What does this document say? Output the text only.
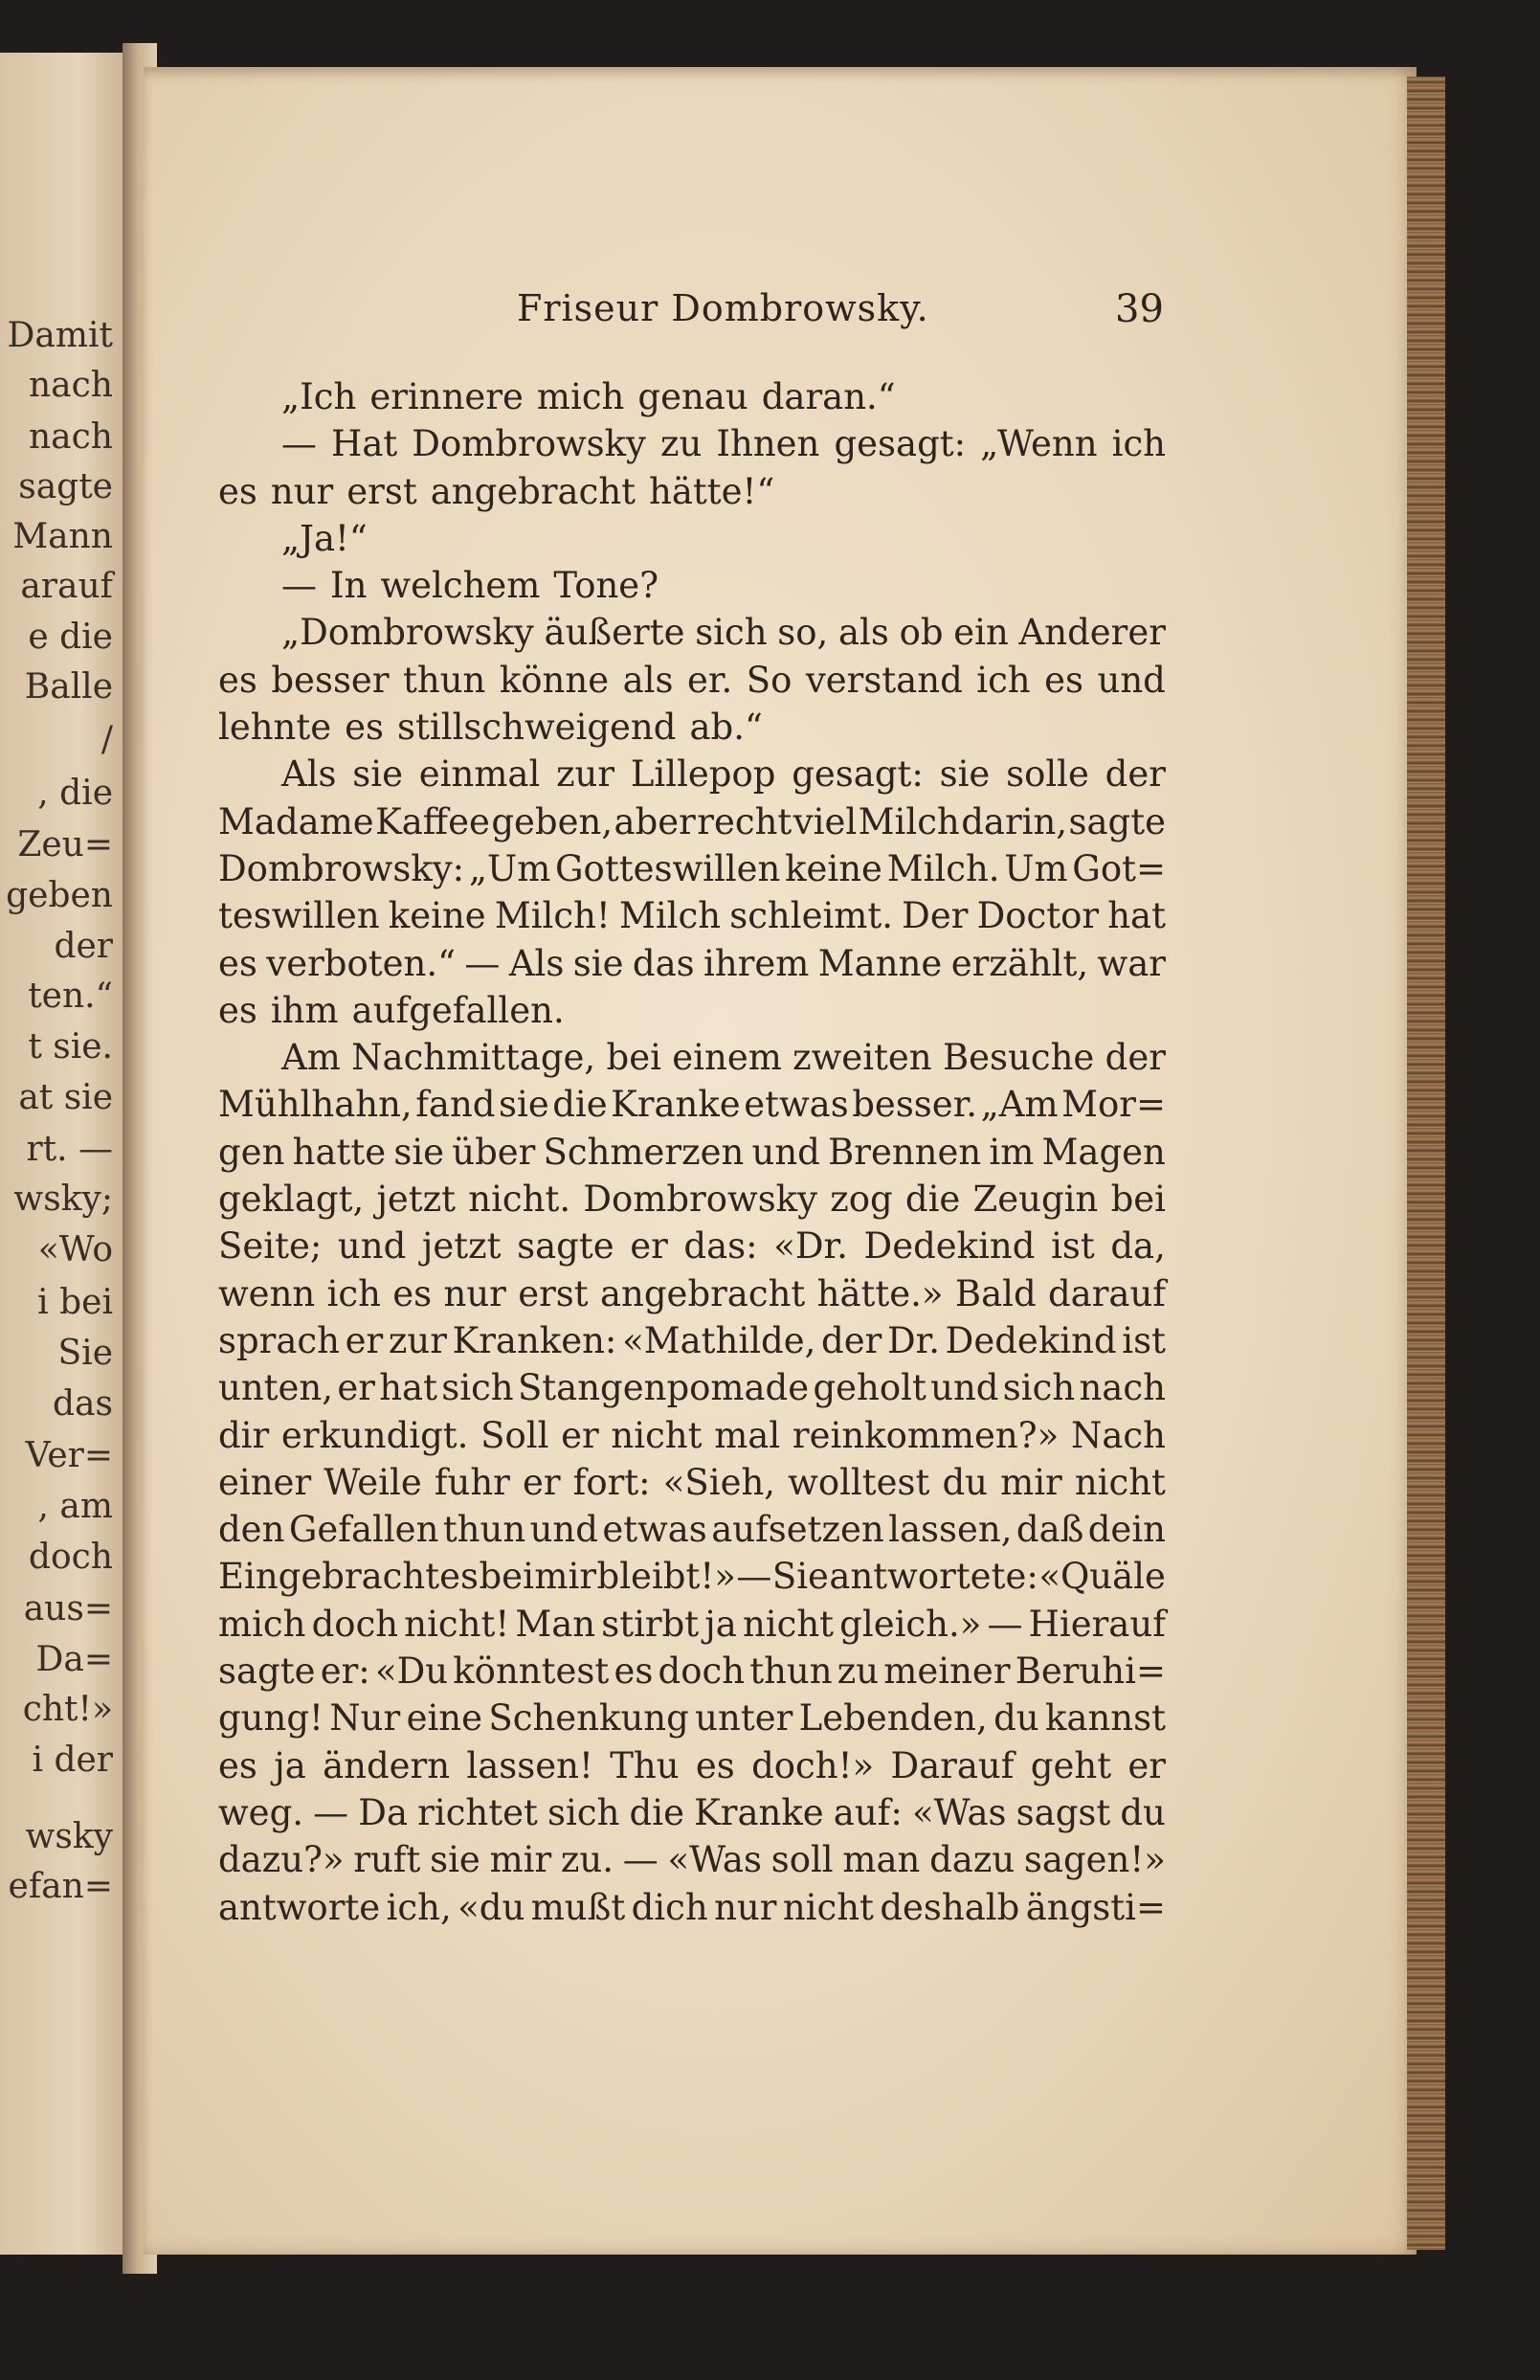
Damit
nach
nach
sagte
Mann
arauf
e die
Balle
/
, die
Zeu=
geben
der
ten.“
t sie.
at sie
rt. —
wsky;
«Wo
i bei
Sie
das
Ver=
, am
doch
aus=
Da=
cht!»
i der
wsky
efan=
Friseur Dombrowsky.	39
„Ich erinnere mich genau daran.“
— Hat Dombrowsky zu Ihnen gesagt: „Wenn ich
es nur erst angebracht hätte!“
„Ja!“
— In welchem Tone?
„Dombrowsky äußerte sich so, als ob ein Anderer
es besser thun könne als er. So verstand ich es und
lehnte es stillschweigend ab.“
Als sie einmal zur Lillepop gesagt: sie solle der
Madame Kaffee geben, aber recht viel Milch darin, sagte
Dombrowsky: „Um Gotteswillen keine Milch. Um Got=
teswillen keine Milch! Milch schleimt. Der Doctor hat
es verboten.“ — Als sie das ihrem Manne erzählt, war
es ihm aufgefallen.
Am Nachmittage, bei einem zweiten Besuche der
Mühlhahn, fand sie die Kranke etwas besser. „Am Mor=
gen hatte sie über Schmerzen und Brennen im Magen
geklagt, jetzt nicht. Dombrowsky zog die Zeugin bei
Seite; und jetzt sagte er das: «Dr. Dedekind ist da,
wenn ich es nur erst angebracht hätte.» Bald darauf
sprach er zur Kranken: «Mathilde, der Dr. Dedekind ist
unten, er hat sich Stangenpomade geholt und sich nach
dir erkundigt. Soll er nicht mal reinkommen?» Nach
einer Weile fuhr er fort: «Sieh, wolltest du mir nicht
den Gefallen thun und etwas aufsetzen lassen, daß dein
Eingebrachtes bei mir bleibt!» — Sie antwortete: «Quäle
mich doch nicht! Man stirbt ja nicht gleich.» — Hierauf
sagte er: «Du könntest es doch thun zu meiner Beruhi=
gung! Nur eine Schenkung unter Lebenden, du kannst
es ja ändern lassen! Thu es doch!» Darauf geht er
weg. — Da richtet sich die Kranke auf: «Was sagst du
dazu?» ruft sie mir zu. — «Was soll man dazu sagen!»
antworte ich, «du mußt dich nur nicht deshalb ängsti=
